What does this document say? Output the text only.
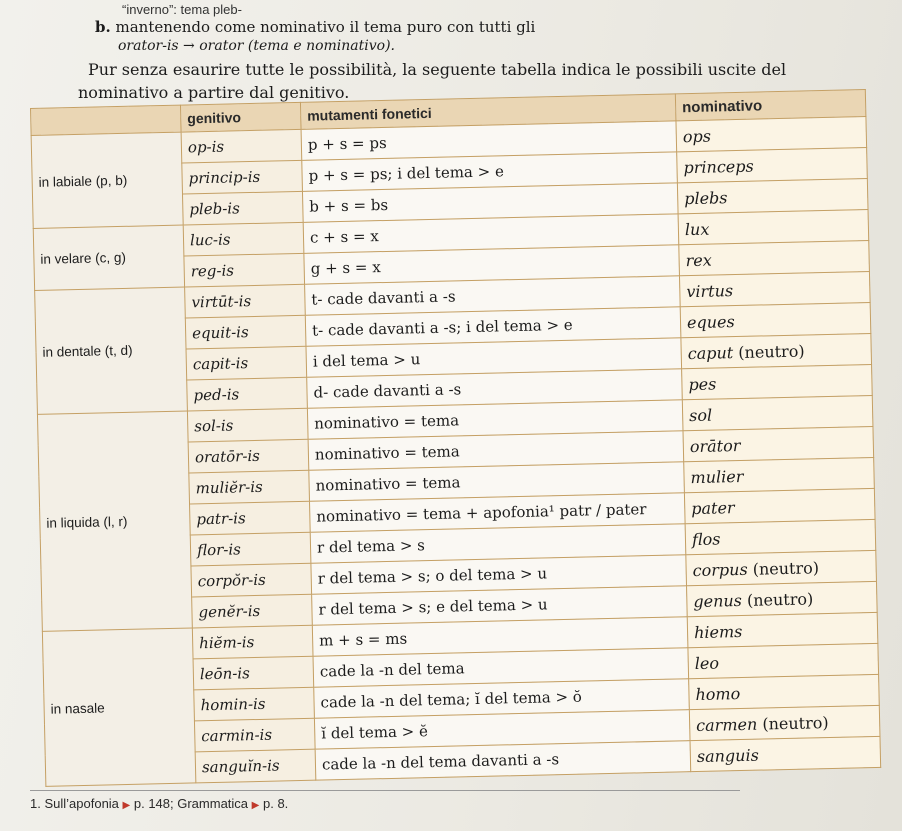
“inverno”: tema pleb-
b. mantenendo come nominativo il tema puro con tutti gli
orator-is → orator (tema e nominativo).
Pur senza esaurire tutte le possibilità, la seguente tabella indica le possibili uscite del
nominativo a partire dal genitivo.
	genitivo	mutamenti fonetici	nominativo
in labiale (p, b)	op-is	p + s = ps	ops
	princip-is	p + s = ps; i del tema > e	princeps
	pleb-is	b + s = bs	plebs
in velare (c, g)	luc-is	c + s = x	lux
	reg-is	g + s = x	rex
in dentale (t, d)	virtūt-is	t- cade davanti a -s	virtus
	equit-is	t- cade davanti a -s; i del tema > e	eques
	capit-is	i del tema > u	caput (neutro)
	ped-is	d- cade davanti a -s	pes
in liquida (l, r)	sol-is	nominativo = tema	sol
	oratōr-is	nominativo = tema	orātor
	muliĕr-is	nominativo = tema	mulier
	patr-is	nominativo = tema + apofonia¹ patr / pater	pater
	flor-is	r del tema > s	flos
	corpŏr-is	r del tema > s; o del tema > u	corpus (neutro)
	genĕr-is	r del tema > s; e del tema > u	genus (neutro)
in nasale	hiĕm-is	m + s = ms	hiems
	leōn-is	cade la -n del tema	leo
	homin-is	cade la -n del tema; ĭ del tema > ŏ	homo
	carmin-is	ĭ del tema > ĕ	carmen (neutro)
	sanguĭn-is	cade la -n del tema davanti a -s	sanguis
1. Sull’apofonia ▶ p. 148; Grammatica ▶ p. 8.
